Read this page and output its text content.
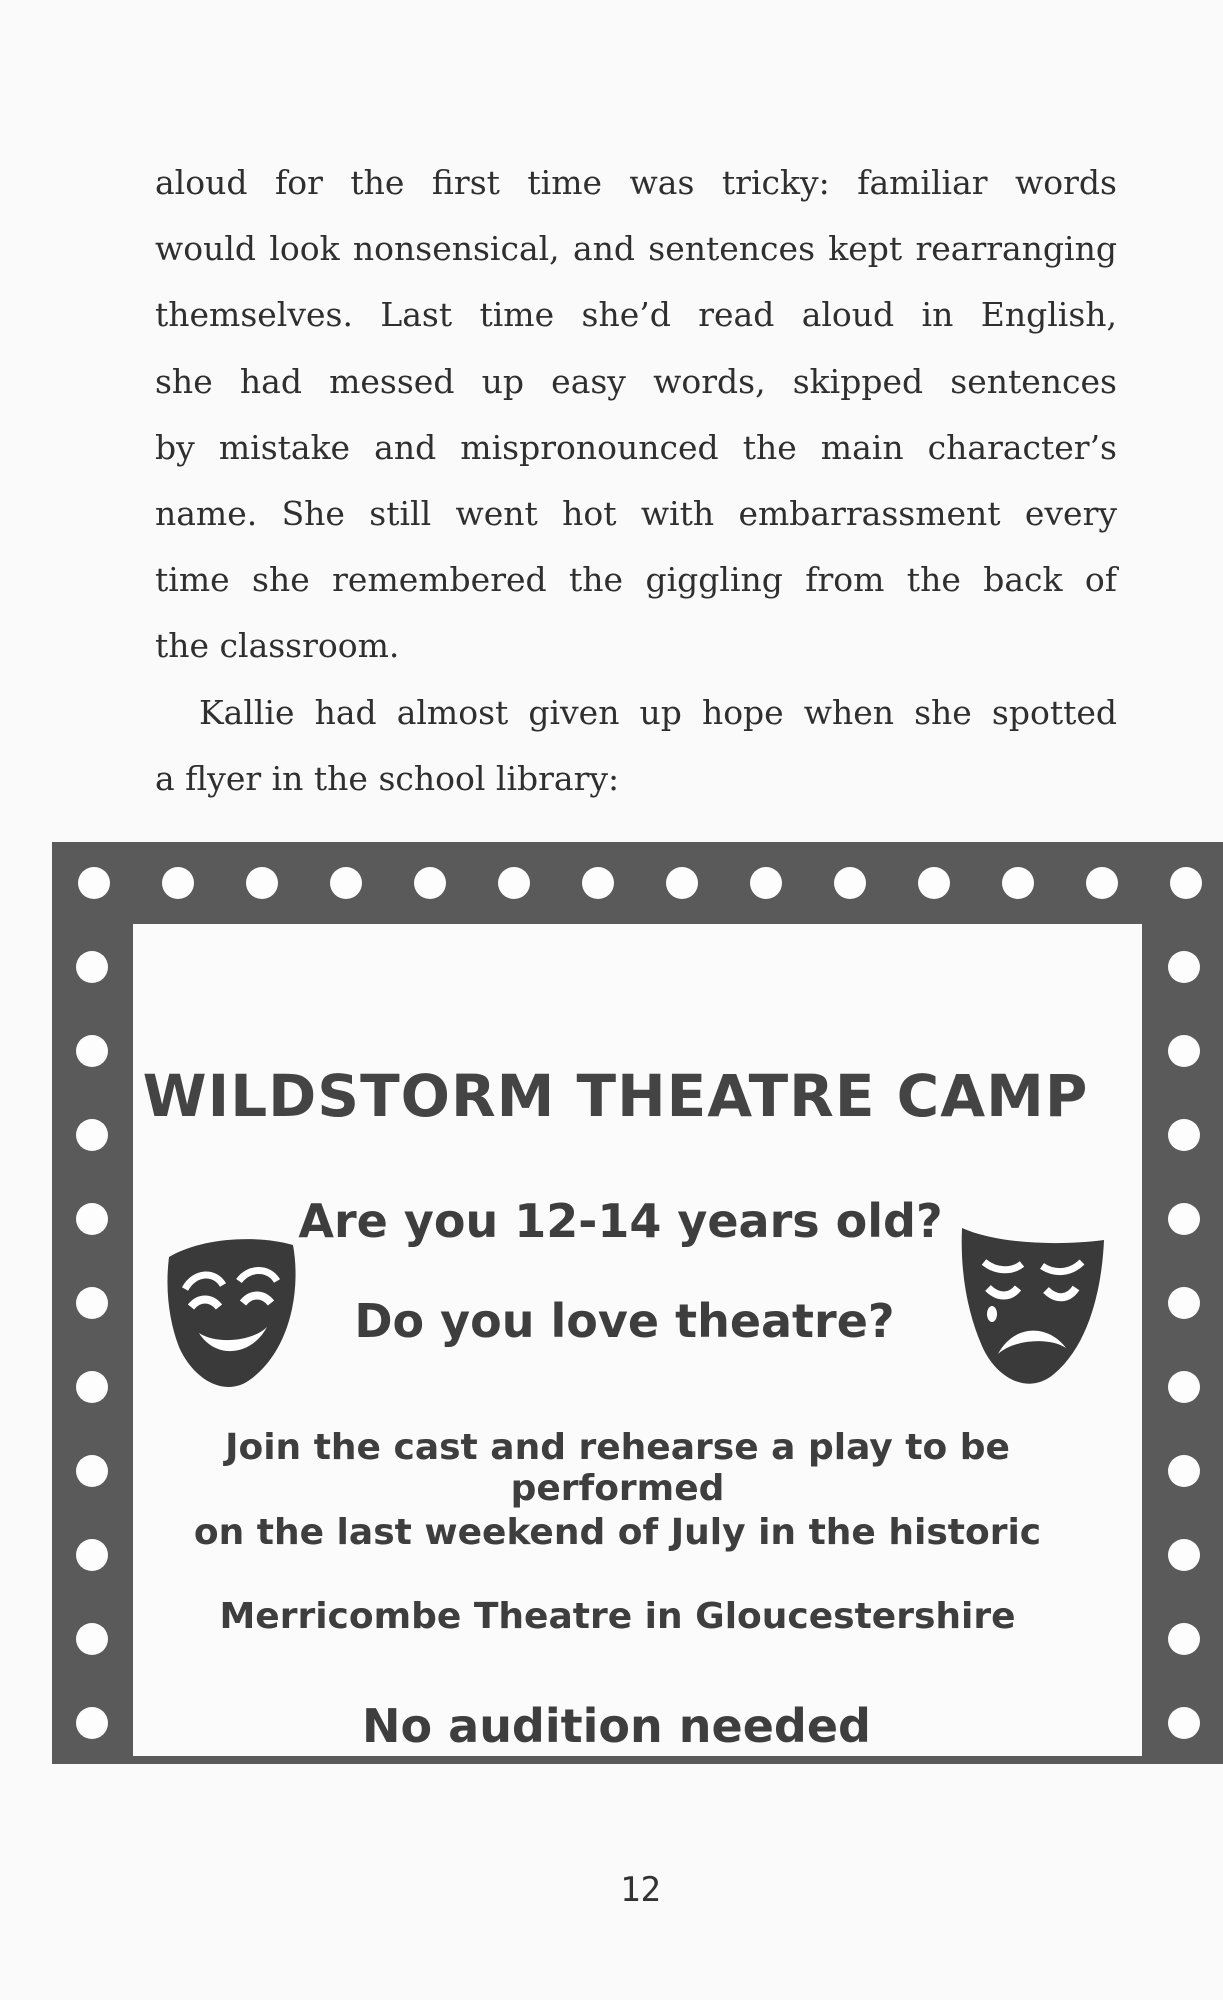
aloud for the first time was tricky: familiar words
would look nonsensical, and sentences kept rearranging
themselves. Last time she’d read aloud in English,
she had messed up easy words, skipped sentences
by mistake and mispronounced the main character’s
name. She still went hot with embarrassment every
time she remembered the giggling from the back of
the classroom.

Kallie had almost given up hope when she spotted
a flyer in the school library:

WILDSTORM THEATRE CAMP
Are you 12-14 years old?
Do you love theatre?
Join the cast and rehearse a play to be performed
on the last weekend of July in the historic
Merricombe Theatre in Gloucestershire
No audition needed
12
